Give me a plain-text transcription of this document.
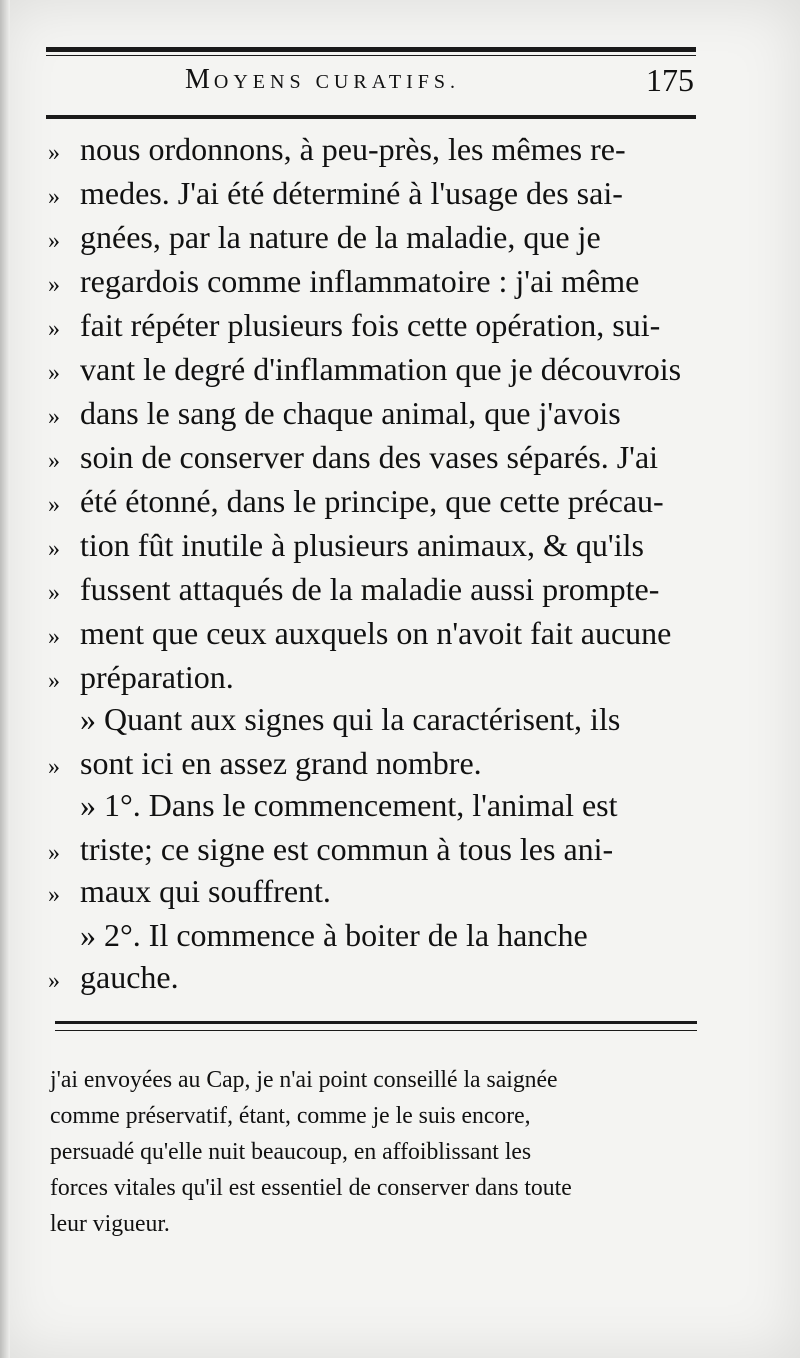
MOYENS CURATIFS.	175
» nous ordonnons, à peu-près, les mêmes re-
» medes. J'ai été déterminé à l'usage des sai-
» gnées, par la nature de la maladie, que je
» regardois comme inflammatoire : j'ai même
» fait répéter plusieurs fois cette opération, sui-
» vant le degré d'inflammation que je découvrois
» dans le sang de chaque animal, que j'avois
» soin de conserver dans des vases séparés. J'ai
» été étonné, dans le principe, que cette précau-
» tion fût inutile à plusieurs animaux, & qu'ils
» fussent attaqués de la maladie aussi prompte-
» ment que ceux auxquels on n'avoit fait aucune
» préparation.
» Quant aux signes qui la caractérisent, ils
» sont ici en assez grand nombre.
» 1°. Dans le commencement, l'animal est
» triste; ce signe est commun à tous les ani-
» maux qui souffrent.
» 2°. Il commence à boiter de la hanche
» gauche.
j'ai envoyées au Cap, je n'ai point conseillé la saignée
comme préservatif, étant, comme je le suis encore,
persuadé qu'elle nuit beaucoup, en affoiblissant les
forces vitales qu'il est essentiel de conserver dans toute
leur vigueur.
